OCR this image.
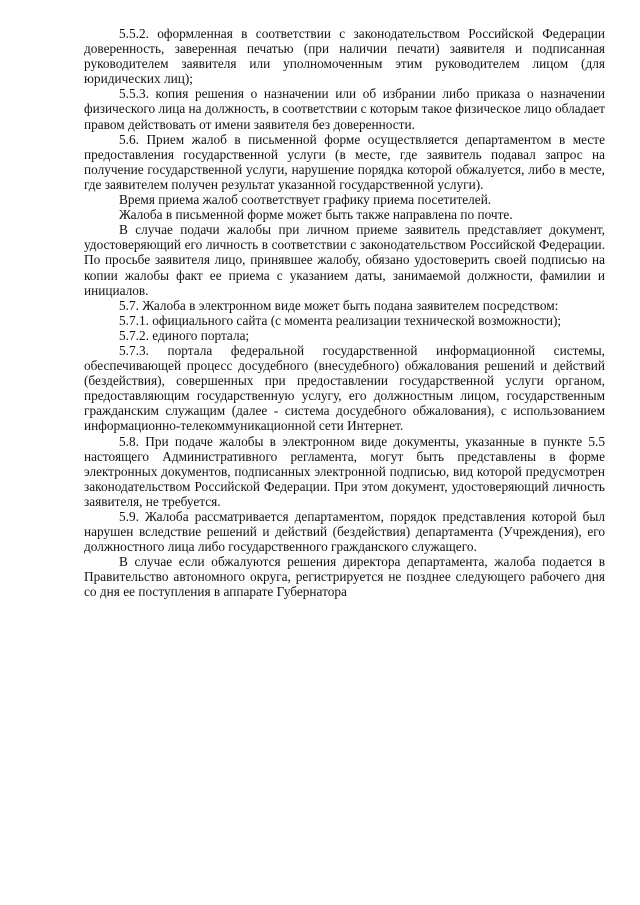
5.5.2. оформленная в соответствии с законодательством Российской Федерации доверенность, заверенная печатью (при наличии печати) заявителя и подписанная руководителем заявителя или уполномоченным этим руководителем лицом (для юридических лиц);

5.5.3. копия решения о назначении или об избрании либо приказа о назначении физического лица на должность, в соответствии с которым такое физическое лицо обладает правом действовать от имени заявителя без доверенности.

5.6. Прием жалоб в письменной форме осуществляется департаментом в месте предоставления государственной услуги (в месте, где заявитель подавал запрос на получение государственной услуги, нарушение порядка которой обжалуется, либо в месте, где заявителем получен результат указанной государственной услуги).

Время приема жалоб соответствует графику приема посетителей.

Жалоба в письменной форме может быть также направлена по почте.

В случае подачи жалобы при личном приеме заявитель представляет документ, удостоверяющий его личность в соответствии с законодательством Российской Федерации. По просьбе заявителя лицо, принявшее жалобу, обязано удостоверить своей подписью на копии жалобы факт ее приема с указанием даты, занимаемой должности, фамилии и инициалов.

5.7. Жалоба в электронном виде может быть подана заявителем посредством:

5.7.1. официального сайта (с момента реализации технической возможности);

5.7.2. единого портала;

5.7.3. портала федеральной государственной информационной системы, обеспечивающей процесс досудебного (внесудебного) обжалования решений и действий (бездействия), совершенных при предоставлении государственной услуги органом, предоставляющим государственную услугу, его должностным лицом, государственным гражданским служащим (далее - система досудебного обжалования), с использованием информационно-телекоммуникационной сети Интернет.

5.8. При подаче жалобы в электронном виде документы, указанные в пункте 5.5 настоящего Административного регламента, могут быть представлены в форме электронных документов, подписанных электронной подписью, вид которой предусмотрен законодательством Российской Федерации. При этом документ, удостоверяющий личность заявителя, не требуется.

5.9. Жалоба рассматривается департаментом, порядок представления которой был нарушен вследствие решений и действий (бездействия) департамента (Учреждения), его должностного лица либо государственного гражданского служащего.

В случае если обжалуются решения директора департамента, жалоба подается в Правительство автономного округа, регистрируется не позднее следующего рабочего дня со дня ее поступления в аппарате Губернатора
